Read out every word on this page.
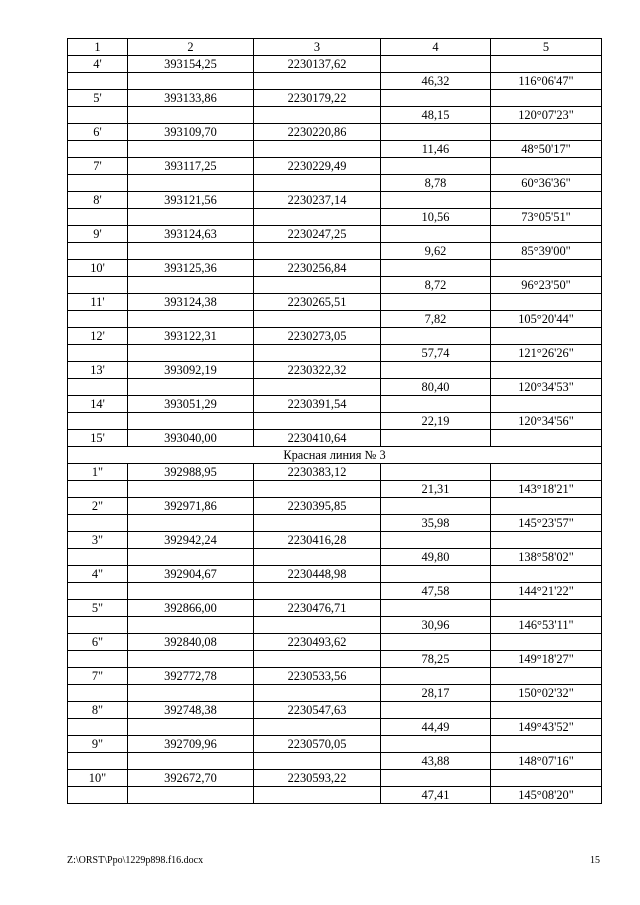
1	2	3	4	5
4'	393154,25	2230137,62		
			46,32	116°06'47"
5'	393133,86	2230179,22		
			48,15	120°07'23"
6'	393109,70	2230220,86		
			11,46	48°50'17"
7'	393117,25	2230229,49		
			8,78	60°36'36"
8'	393121,56	2230237,14		
			10,56	73°05'51"
9'	393124,63	2230247,25		
			9,62	85°39'00"
10'	393125,36	2230256,84		
			8,72	96°23'50"
11'	393124,38	2230265,51		
			7,82	105°20'44"
12'	393122,31	2230273,05		
			57,74	121°26'26"
13'	393092,19	2230322,32		
			80,40	120°34'53"
14'	393051,29	2230391,54		
			22,19	120°34'56"
15'	393040,00	2230410,64		
Красная линия № 3				
1"	392988,95	2230383,12		
			21,31	143°18'21"
2"	392971,86	2230395,85		
			35,98	145°23'57"
3"	392942,24	2230416,28		
			49,80	138°58'02"
4"	392904,67	2230448,98		
			47,58	144°21'22"
5"	392866,00	2230476,71		
			30,96	146°53'11"
6"	392840,08	2230493,62		
			78,25	149°18'27"
7"	392772,78	2230533,56		
			28,17	150°02'32"
8"	392748,38	2230547,63		
			44,49	149°43'52"
9"	392709,96	2230570,05		
			43,88	148°07'16"
10"	392672,70	2230593,22		
			47,41	145°08'20"
Z:\ORST\Ppo\1229p898.f16.docx	15
